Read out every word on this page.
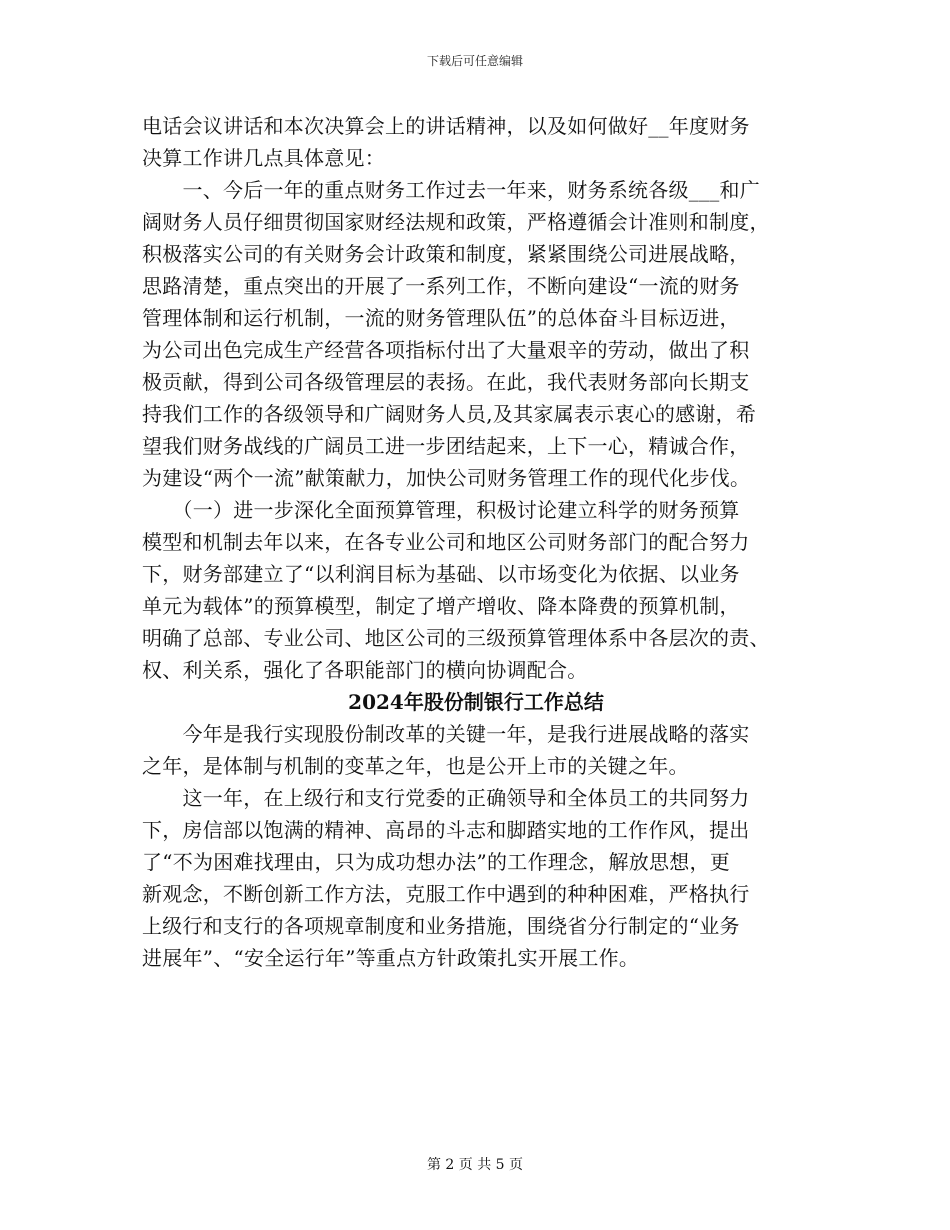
下载后可任意编辑
电话会议讲话和本次决算会上的讲话精神，以及如何做好__年度财务
决算工作讲几点具体意见：
　　一、今后一年的重点财务工作过去一年来，财务系统各级___和广
阔财务人员仔细贯彻国家财经法规和政策，严格遵循会计准则和制度，
积极落实公司的有关财务会计政策和制度，紧紧围绕公司进展战略，
思路清楚，重点突出的开展了一系列工作，不断向建设“一流的财务
管理体制和运行机制，一流的财务管理队伍”的总体奋斗目标迈进，
为公司出色完成生产经营各项指标付出了大量艰辛的劳动，做出了积
极贡献，得到公司各级管理层的表扬。在此，我代表财务部向长期支
持我们工作的各级领导和广阔财务人员,及其家属表示衷心的感谢，希
望我们财务战线的广阔员工进一步团结起来，上下一心，精诚合作，
为建设“两个一流”献策献力，加快公司财务管理工作的现代化步伐。
　　（一）进一步深化全面预算管理，积极讨论建立科学的财务预算
模型和机制去年以来，在各专业公司和地区公司财务部门的配合努力
下，财务部建立了“以利润目标为基础、以市场变化为依据、以业务
单元为载体”的预算模型，制定了增产增收、降本降费的预算机制，
明确了总部、专业公司、地区公司的三级预算管理体系中各层次的责、
权、利关系，强化了各职能部门的横向协调配合。
2024年股份制银行工作总结
　　今年是我行实现股份制改革的关键一年，是我行进展战略的落实
之年，是体制与机制的变革之年，也是公开上市的关键之年。
　　这一年，在上级行和支行党委的正确领导和全体员工的共同努力
下，房信部以饱满的精神、高昂的斗志和脚踏实地的工作作风，提出
了“不为困难找理由，只为成功想办法”的工作理念，解放思想，更
新观念，不断创新工作方法，克服工作中遇到的种种困难，严格执行
上级行和支行的各项规章制度和业务措施，围绕省分行制定的“业务
进展年”、“安全运行年”等重点方针政策扎实开展工作。
第 2 页 共 5 页
